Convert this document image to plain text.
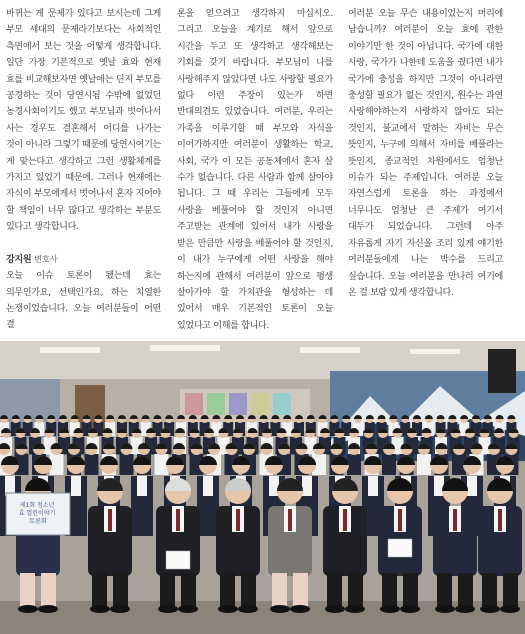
바뀌는 게 문제가 있다고 보시는데 그게 부모 세대의 문제라기보다는 사회적인 측면에서 보는 것을 어떻게 생각합니다. 일단 가장 기본적으로 옛날 효와 현재 효를 비교해보자면 옛날에는 딘지 부모를 공경하는 것이 당연시됨 수밖에 없었던 농경사회이기도 했고 부모님과 벗어나서 사는 경우도 결혼해서 어디를 나가는 것이 아니라 그렇기 때문에 당연시여기는 게 맞는다고 생각하고 그런 생활체계를 가지고 있었기 때문에. 그러나 현재에는 자식이 부모에게서 벗어나서 혼자 지어야 할 책임이 너무 많다고 생각하는 부분도 있다고 생각합니다.

강지원 변호사

오늘 이슈 토론이 됐는데 효는 의무인가요, 선택인가요, 하는 치열한 논쟁이었습니다. 오늘 여러분들이 어떤 결

론을 얻으려고 생각하지 마십시오. 그리고 오늘을 계기로 해서 앞으로 시간을 두고 또 생각하고 생각해보는 기회를 갖기 바랍니다. 부모님이 나를 사랑해주지 않았다면 나도 사랑할 필요가 없다 이런 주장이 있는가 하면 반대의견도 있었습니다. 여러분, 우리는 가족을 이루기할 때 부모와 자식을 이어가하지만 여러분이 생활하는 학교, 사회, 국가 이 모든 공동체에서 혼자 살 수가 없습니다. 다른 사람과 함께 살아야 됩니다. 그 때 우리는 그들에게 모두 사랑을 베풀어야 할 것인지 아니면 주고받는 관계에 있어서 내가 사랑을 받은 만큼만 사랑을 베풀어야 할 것인지, 이 내가 누구에게 어떤 사랑을 해야 하는지에 관해서 여러분이 앞으로 평생 살아가야 할 가치관을 형성하는 데 있어서 매우 기본적인 토론이 오늘 있었다고 이해를 합니다.

여러분 오늘 무슨 내용이었는지 머리에 남습니까? 여러분이 오늘 효에 관한 이야기만 한 것이 아닙니다. 국가에 대한 사랑, 국가가 나한테 도움을 줬다면 내가 국가에 충성을 하지만 그것이 아니라면 충성할 필요가 없는 것인지, 원수는 과연 사랑해야하는지 사랑하지 않아도 되는 것인지, 불교에서 말하는 자비는 무슨 뜻인지, 누구에 의해서 자비를 베풀라는 뜻인지, 종교적인 차원에서도 엄청난 이슈가 되는 주제입니다. 여러분 오늘 자연스럽게 토론을 하는 과정에서 너무나도 엄청난 큰 주제가 여기서 대두가 되었습니다. 그런데 아주 자유롭게 자기 자신을 조리 있게 얘기한 여러분들에게 나는 박수를 드리고 싶습니다. 오늘 여러분을 만나러 여기에 온 걸 보람 있게 생각합니다.

제1회 청소년 효 열린이야기 토론회
